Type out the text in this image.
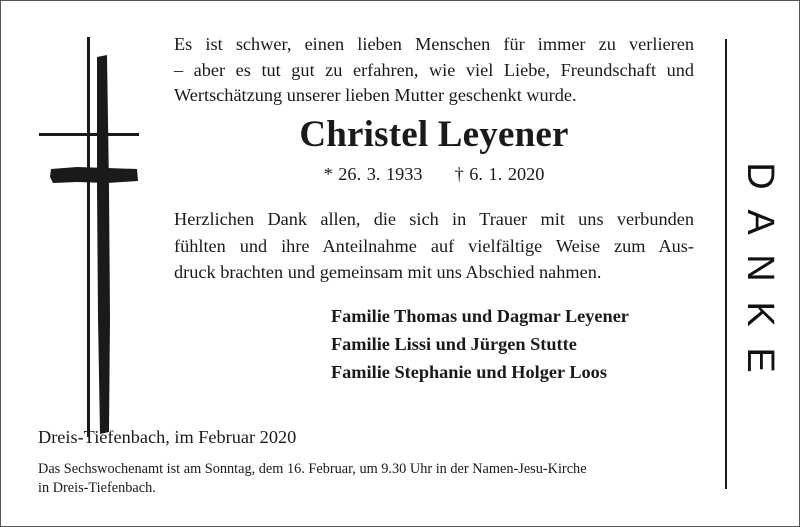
Es ist schwer, einen lieben Menschen für immer zu verlieren
– aber es tut gut zu erfahren, wie viel Liebe, Freundschaft und
Wertschätzung unserer lieben Mutter geschenkt wurde.
Christel Leyener
* 26. 3. 1933 † 6. 1. 2020
Herzlichen Dank allen, die sich in Trauer mit uns verbunden
fühlten und ihre Anteilnahme auf vielfältige Weise zum Aus-
druck brachten und gemeinsam mit uns Abschied nahmen.
Familie Thomas und Dagmar Leyener
Familie Lissi und Jürgen Stutte
Familie Stephanie und Holger Loos
Dreis-Tiefenbach, im Februar 2020
Das Sechswochenamt ist am Sonntag, dem 16. Februar, um 9.30 Uhr in der Namen-Jesu-Kirche
in Dreis-Tiefenbach.
D
A
N
K
E
